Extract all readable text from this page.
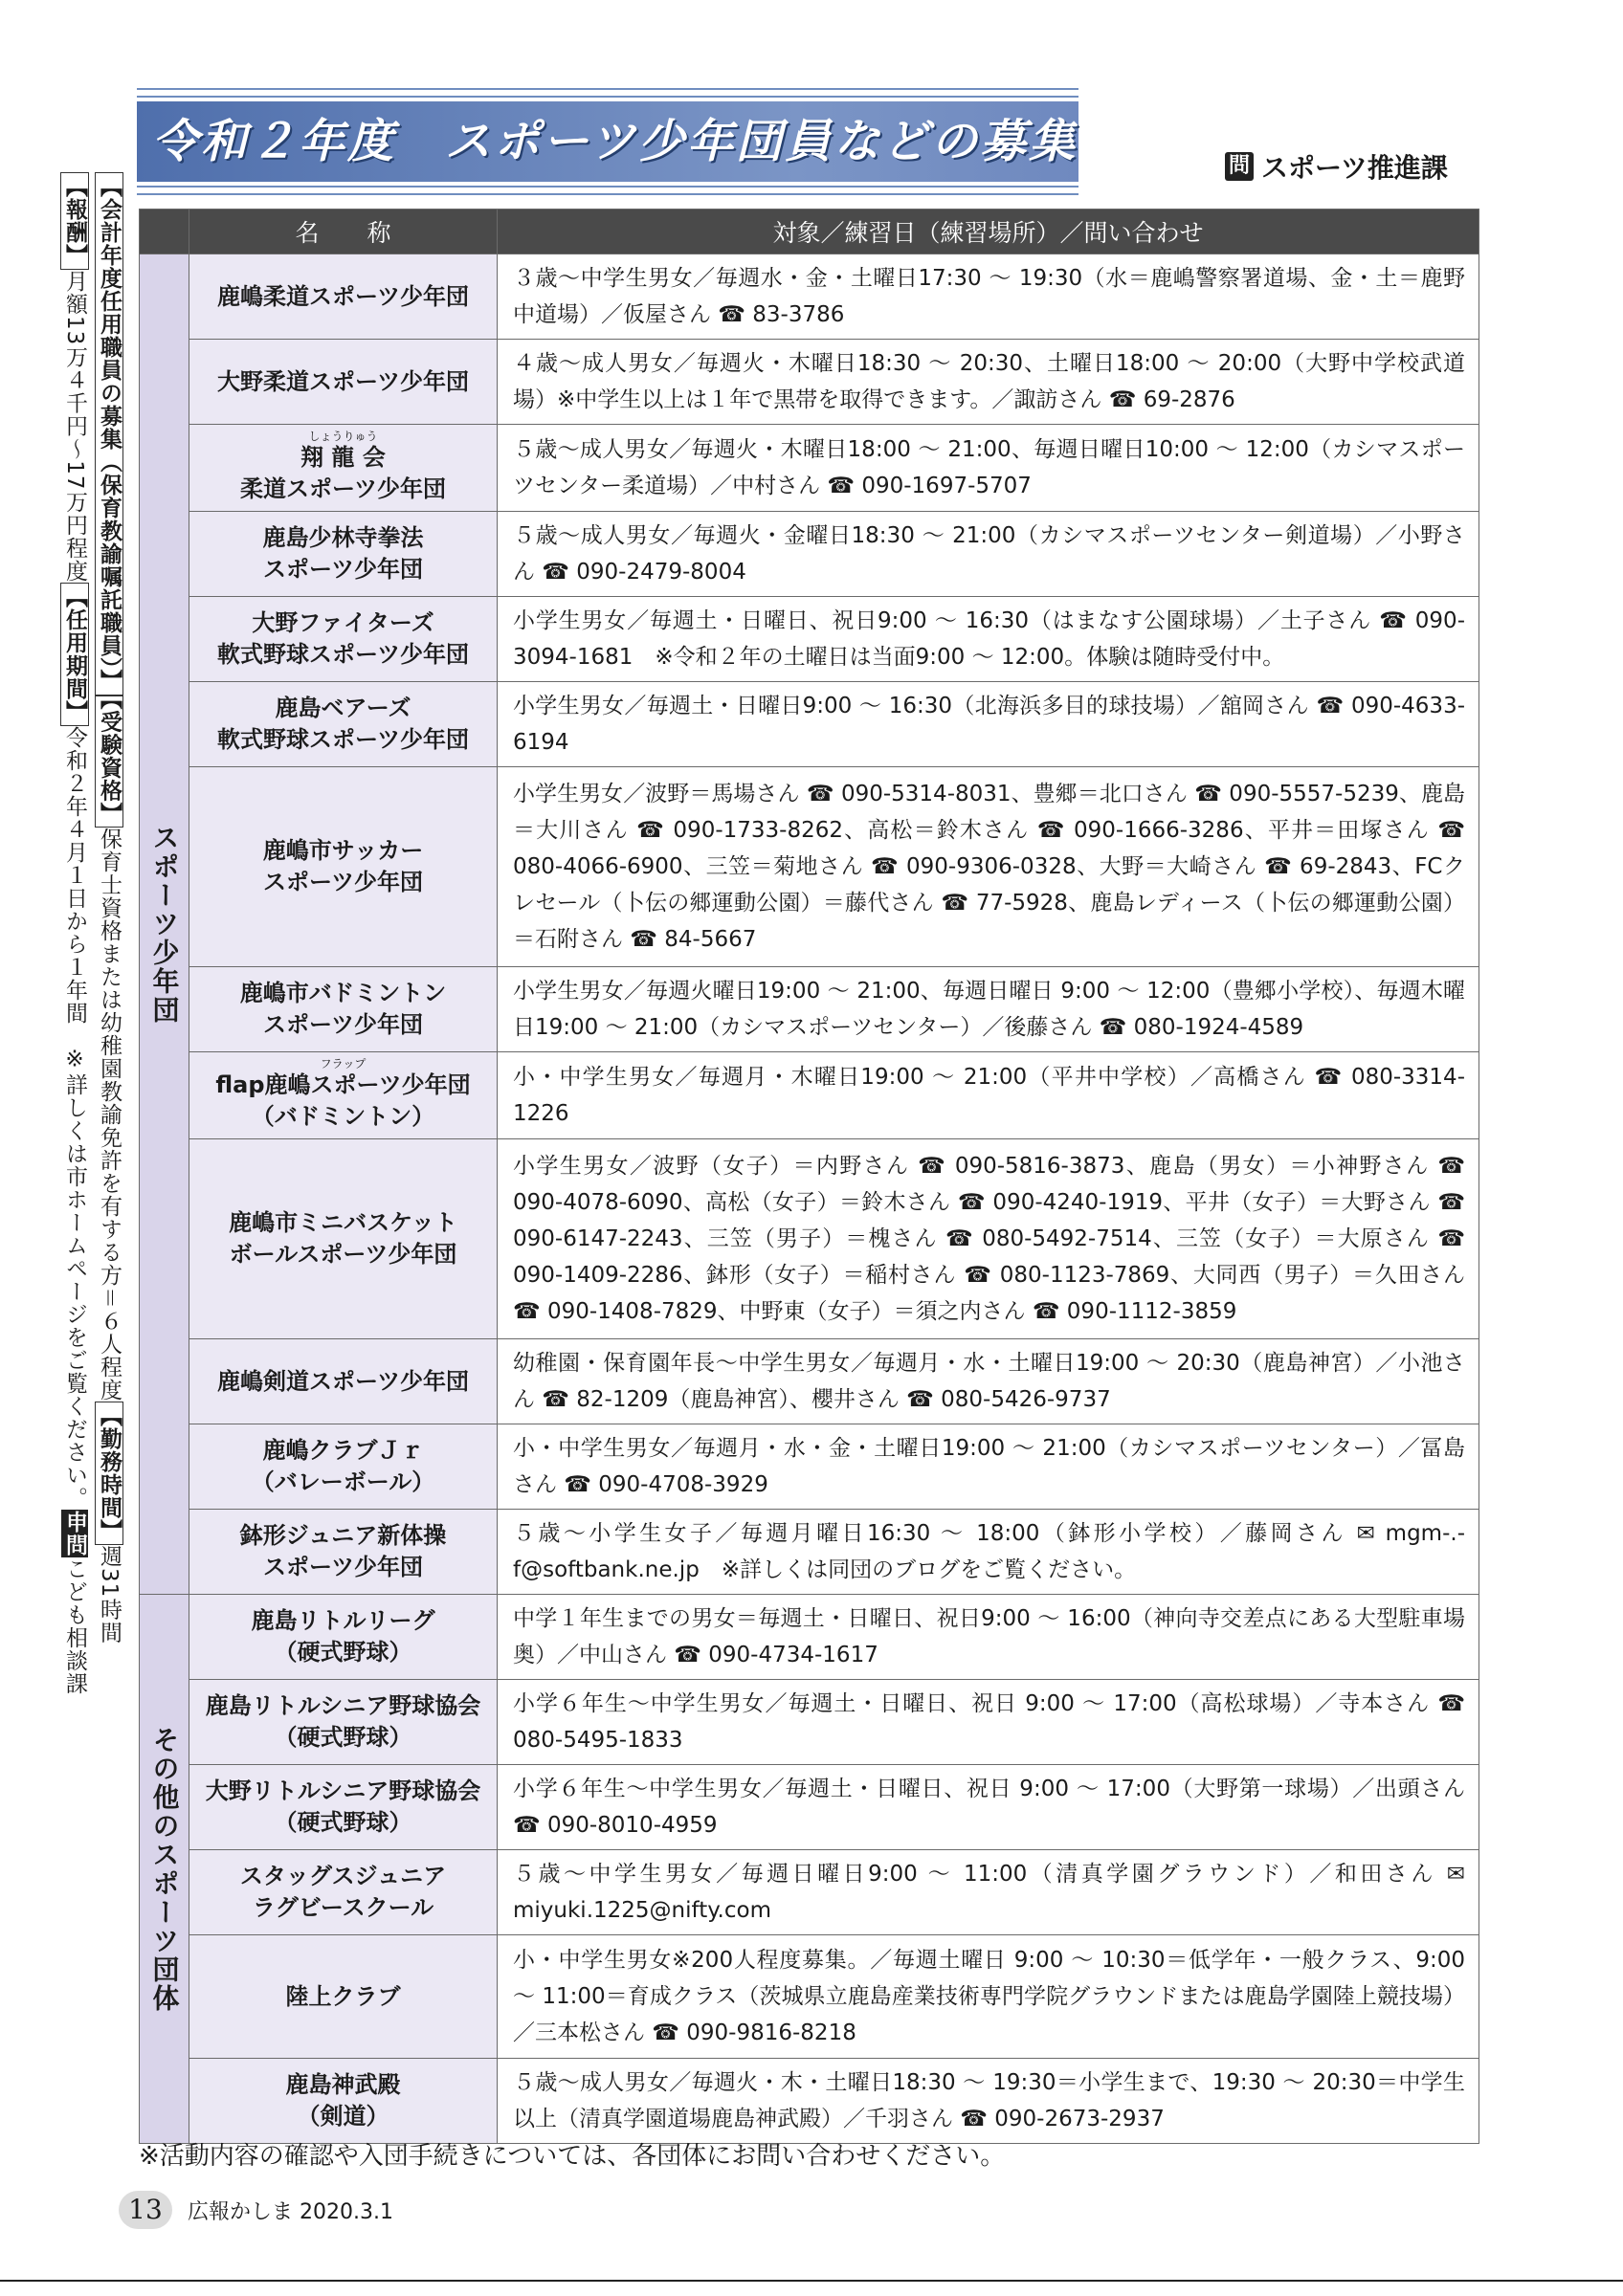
【会計年度任用職員の募集（保育教諭嘱託職員）】【受験資格】保育士資格または幼稚園教諭免許を有する方＝６人程度【勤務時間】週31時間
【報酬】月額13万４千円～17万円程度【任用期間】令和２年４月１日から１年間　※詳しくは市ホームページをご覧ください。申問こども相談課
令和２年度　スポーツ少年団員などの募集	問 スポーツ推進課
	名　　称	対象／練習日（練習場所）／問い合わせ
スポーツ少年団	鹿嶋柔道スポーツ少年団	３歳～中学生男女／毎週水・金・土曜日17:30 ～ 19:30（水＝鹿嶋警察署道場、金・土＝鹿野中道場）／仮屋さん ☎ 83-3786
	大野柔道スポーツ少年団	４歳～成人男女／毎週火・木曜日18:30 ～ 20:30、土曜日18:00 ～ 20:00（大野中学校武道場）※中学生以上は１年で黒帯を取得できます。／諏訪さん ☎ 69-2876

	しょうりゅう
翔 龍 会
柔道スポーツ少年団	５歳～成人男女／毎週火・木曜日18:00 ～ 21:00、毎週日曜日10:00 ～ 12:00（カシマスポーツセンター柔道場）／中村さん ☎ 090-1697-5707
	鹿島少林寺拳法
スポーツ少年団	５歳～成人男女／毎週火・金曜日18:30 ～ 21:00（カシマスポーツセンター剣道場）／小野さん ☎ 090-2479-8004
	大野ファイターズ
軟式野球スポーツ少年団	小学生男女／毎週土・日曜日、祝日9:00 ～ 16:30（はまなす公園球場）／土子さん ☎ 090-3094-1681　※令和２年の土曜日は当面9:00 ～ 12:00。体験は随時受付中。
	鹿島ベアーズ
軟式野球スポーツ少年団	小学生男女／毎週土・日曜日9:00 ～ 16:30（北海浜多目的球技場）／舘岡さん ☎ 090-4633-6194
	鹿嶋市サッカー
スポーツ少年団	小学生男女／波野＝馬場さん ☎ 090-5314-8031、豊郷＝北口さん ☎ 090-5557-5239、鹿島＝大川さん ☎ 090-1733-8262、高松＝鈴木さん ☎ 090-1666-3286、平井＝田塚さん ☎ 080-4066-6900、三笠＝菊地さん ☎ 090-9306-0328、大野＝大崎さん ☎ 69-2843、FCクレセール（卜伝の郷運動公園）＝藤代さん ☎ 77-5928、鹿島レディース（卜伝の郷運動公園）＝石附さん ☎ 84-5667
	鹿嶋市バドミントン
スポーツ少年団	小学生男女／毎週火曜日19:00 ～ 21:00、毎週日曜日 9:00 ～ 12:00（豊郷小学校）、毎週木曜日19:00 ～ 21:00（カシマスポーツセンター）／後藤さん ☎ 080-1924-4589

	フラップ
flap鹿嶋スポーツ少年団
（バドミントン）	小・中学生男女／毎週月・木曜日19:00 ～ 21:00（平井中学校）／高橋さん ☎ 080-3314-1226
	鹿嶋市ミニバスケット
ボールスポーツ少年団	小学生男女／波野（女子）＝内野さん ☎ 090-5816-3873、鹿島（男女）＝小神野さん ☎ 090-4078-6090、高松（女子）＝鈴木さん ☎ 090-4240-1919、平井（女子）＝大野さん ☎ 090-6147-2243、三笠（男子）＝槐さん ☎ 080-5492-7514、三笠（女子）＝大原さん ☎ 090-1409-2286、鉢形（女子）＝稲村さん ☎ 080-1123-7869、大同西（男子）＝久田さん ☎ 090-1408-7829、中野東（女子）＝須之内さん ☎ 090-1112-3859
	鹿嶋剣道スポーツ少年団	幼稚園・保育園年長～中学生男女／毎週月・水・土曜日19:00 ～ 20:30（鹿島神宮）／小池さん ☎ 82-1209（鹿島神宮）、櫻井さん ☎ 080-5426-9737
	鹿嶋クラブＪｒ
（バレーボール）	小・中学生男女／毎週月・水・金・土曜日19:00 ～ 21:00（カシマスポーツセンター）／冨島さん ☎ 090-4708-3929
	鉢形ジュニア新体操
スポーツ少年団	５歳～小学生女子／毎週月曜日16:30 ～ 18:00（鉢形小学校）／藤岡さん ✉ mgm-.-f@softbank.ne.jp　※詳しくは同団のブログをご覧ください。
その他のスポーツ団体	鹿島リトルリーグ
（硬式野球）	中学１年生までの男女＝毎週土・日曜日、祝日9:00 ～ 16:00（神向寺交差点にある大型駐車場奥）／中山さん ☎ 090-4734-1617
	鹿島リトルシニア野球協会
（硬式野球）	小学６年生～中学生男女／毎週土・日曜日、祝日 9:00 ～ 17:00（高松球場）／寺本さん ☎ 080-5495-1833
	大野リトルシニア野球協会
（硬式野球）	小学６年生～中学生男女／毎週土・日曜日、祝日 9:00 ～ 17:00（大野第一球場）／出頭さん ☎ 090-8010-4959
	スタッグスジュニア
ラグビースクール	５歳～中学生男女／毎週日曜日9:00 ～ 11:00（清真学園グラウンド）／和田さん ✉ miyuki.1225@nifty.com
	陸上クラブ	小・中学生男女※200人程度募集。／毎週土曜日 9:00 ～ 10:30＝低学年・一般クラス、9:00 ～ 11:00＝育成クラス（茨城県立鹿島産業技術専門学院グラウンドまたは鹿島学園陸上競技場）／三本松さん ☎ 090-9816-8218
	鹿島神武殿
（剣道）	５歳～成人男女／毎週火・木・土曜日18:30 ～ 19:30＝小学生まで、19:30 ～ 20:30＝中学生以上（清真学園道場鹿島神武殿）／千羽さん ☎ 090-2673-2937
※活動内容の確認や入団手続きについては、各団体にお問い合わせください。
13	広報かしま 2020.3.1
